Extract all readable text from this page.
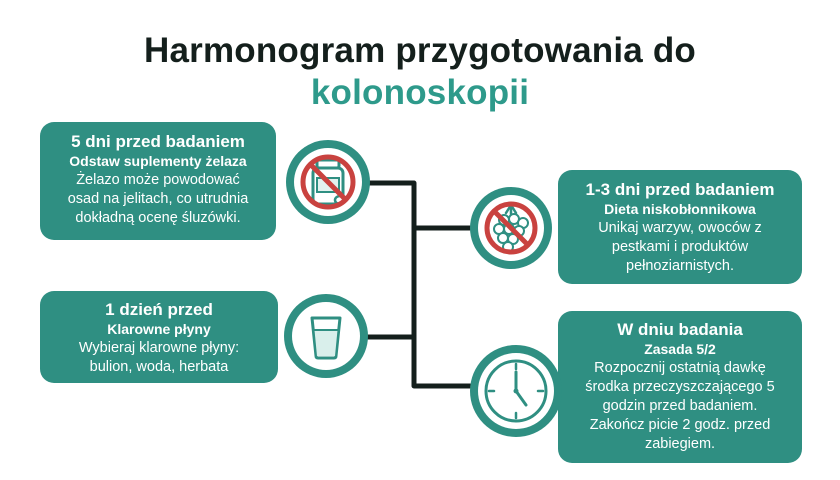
Harmonogram przygotowania do
kolonoskopii
5 dni przed badaniem
Odstaw suplementy żelaza
Żelazo może powodować
osad na jelitach, co utrudnia
dokładną ocenę śluzówki.
1 dzień przed
Klarowne płyny
Wybieraj klarowne płyny:
bulion, woda, herbata
1-3 dni przed badaniem
Dieta niskobłonnikowa
Unikaj warzyw, owoców z
pestkami i produktów
pełnoziarnistych.
W dniu badania
Zasada 5/2
Rozpocznij ostatnią dawkę
środka przeczyszczającego 5
godzin przed badaniem.
Zakończ picie 2 godz. przed
zabiegiem.
